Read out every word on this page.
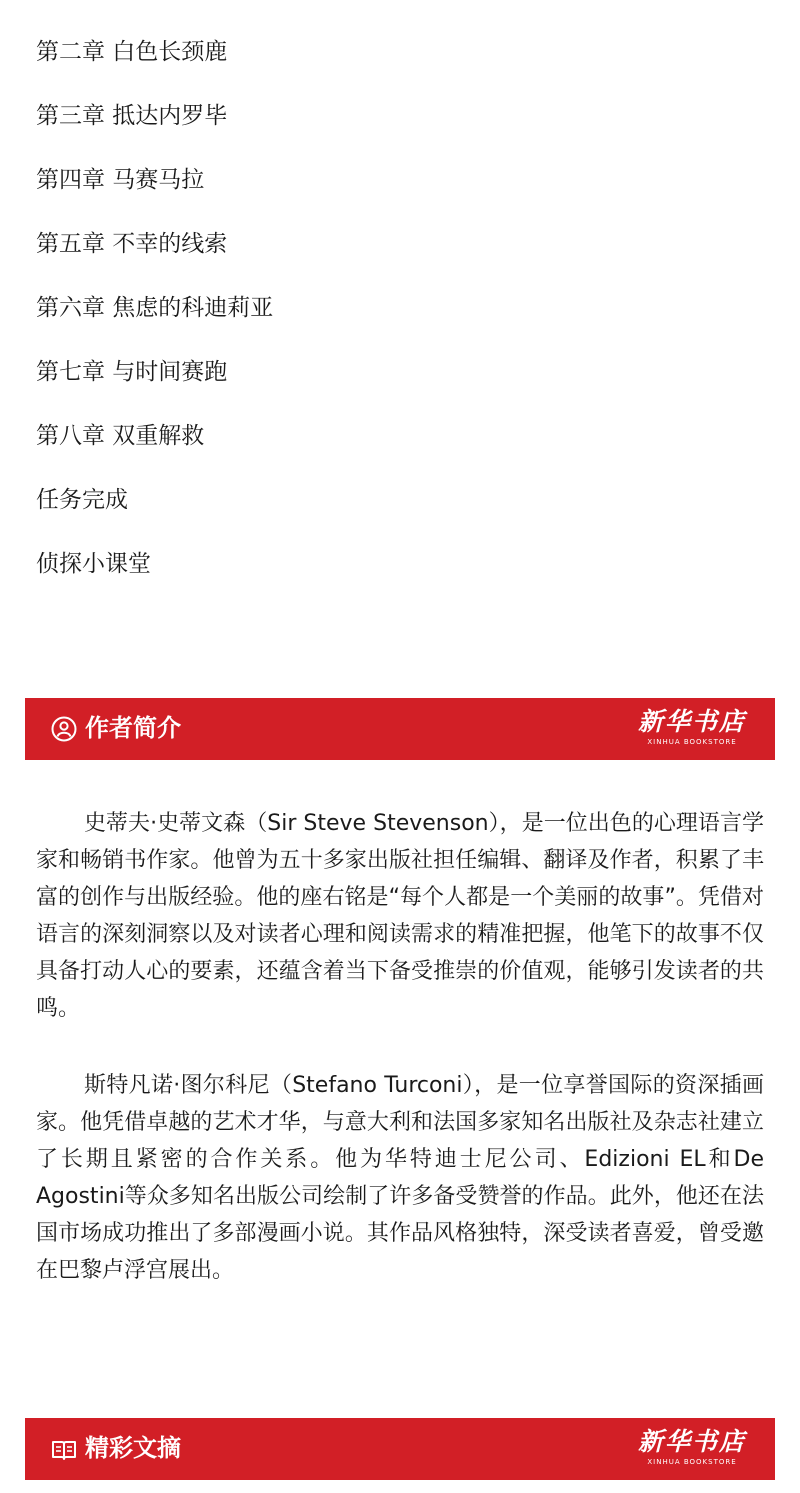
第二章 白色长颈鹿
第三章 抵达内罗毕
第四章 马赛马拉
第五章 不幸的线索
第六章 焦虑的科迪莉亚
第七章 与时间赛跑
第八章 双重解救
任务完成
侦探小课堂
作者简介	新华书店
XINHUA BOOKSTORE

史蒂夫·史蒂文森（Sir Steve Stevenson），是一位出色的心理语言学家和畅销书作家。他曾为五十多家出版社担任编辑、翻译及作者，积累了丰富的创作与出版经验。他的座右铭是“每个人都是一个美丽的故事”。凭借对语言的深刻洞察以及对读者心理和阅读需求的精准把握，他笔下的故事不仅具备打动人心的要素，还蕴含着当下备受推崇的价值观，能够引发读者的共鸣。

斯特凡诺·图尔科尼（Stefano Turconi），是一位享誉国际的资深插画家。他凭借卓越的艺术才华，与意大利和法国多家知名出版社及杂志社建立了长期且紧密的合作关系。他为华特迪士尼公司、Edizioni EL和De Agostini等众多知名出版公司绘制了许多备受赞誉的作品。此外，他还在法国市场成功推出了多部漫画小说。其作品风格独特，深受读者喜爱，曾受邀在巴黎卢浮宫展出。

精彩文摘	新华书店
XINHUA BOOKSTORE
